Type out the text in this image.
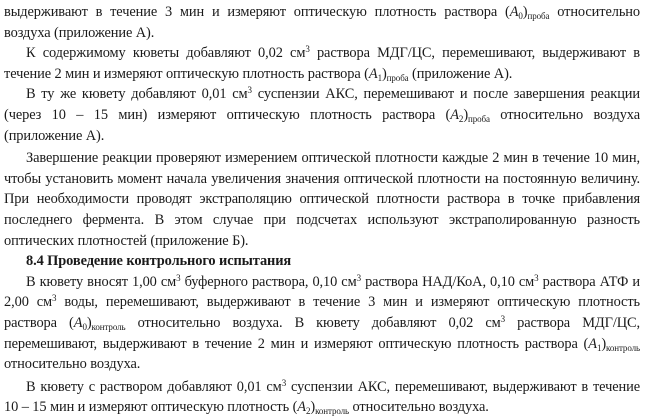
выдерживают в течение 3 мин и измеряют оптическую плотность раствора $(A_0)_{проба}$ относительно воздуха (приложение А).

К содержимому кюветы добавляют 0,02 $см^3$ раствора МДГ/ЦС, перемешивают, выдерживают в течение 2 мин и измеряют оптическую плотность раствора $(A_1)_{проба}$ (приложение А).

В ту же кювету добавляют 0,01 $см^3$ суспензии АКС, перемешивают и после завершения реакции (через 10 – 15 мин) измеряют оптическую плотность раствора $(A_2)_{проба}$ относительно воздуха (приложение А).

Завершение реакции проверяют измерением оптической плотности каждые 2 мин в течение 10 мин, чтобы установить момент начала увеличения значения оптической плотности на постоянную величину. При необходимости проводят экстраполяцию оптической плотности раствора в точке прибавления последнего фермента. В этом случае при подсчетах используют экстраполированную разность оптических плотностей (приложение Б).

8.4 Проведение контрольного испытания

В кювету вносят 1,00 $см^3$ буферного раствора, 0,10 $см^3$ раствора НАД/КоА, 0,10 $см^3$ раствора АТФ и 2,00 $см^3$ воды, перемешивают, выдерживают в течение 3 мин и измеряют оптическую плотность раствора $(A_0)_{контроль}$ относительно воздуха. В кювету добавляют 0,02 $см^3$ раствора МДГ/ЦС, перемешивают, выдерживают в течение 2 мин и измеряют оптическую плотность раствора $(A_1)_{контроль}$ относительно воздуха.

В кювету с раствором добавляют 0,01 $см^3$ суспензии АКС, перемешивают, выдерживают в течение 10 – 15 мин и измеряют оптическую плотность $(A_2)_{контроль}$ относительно воздуха.
